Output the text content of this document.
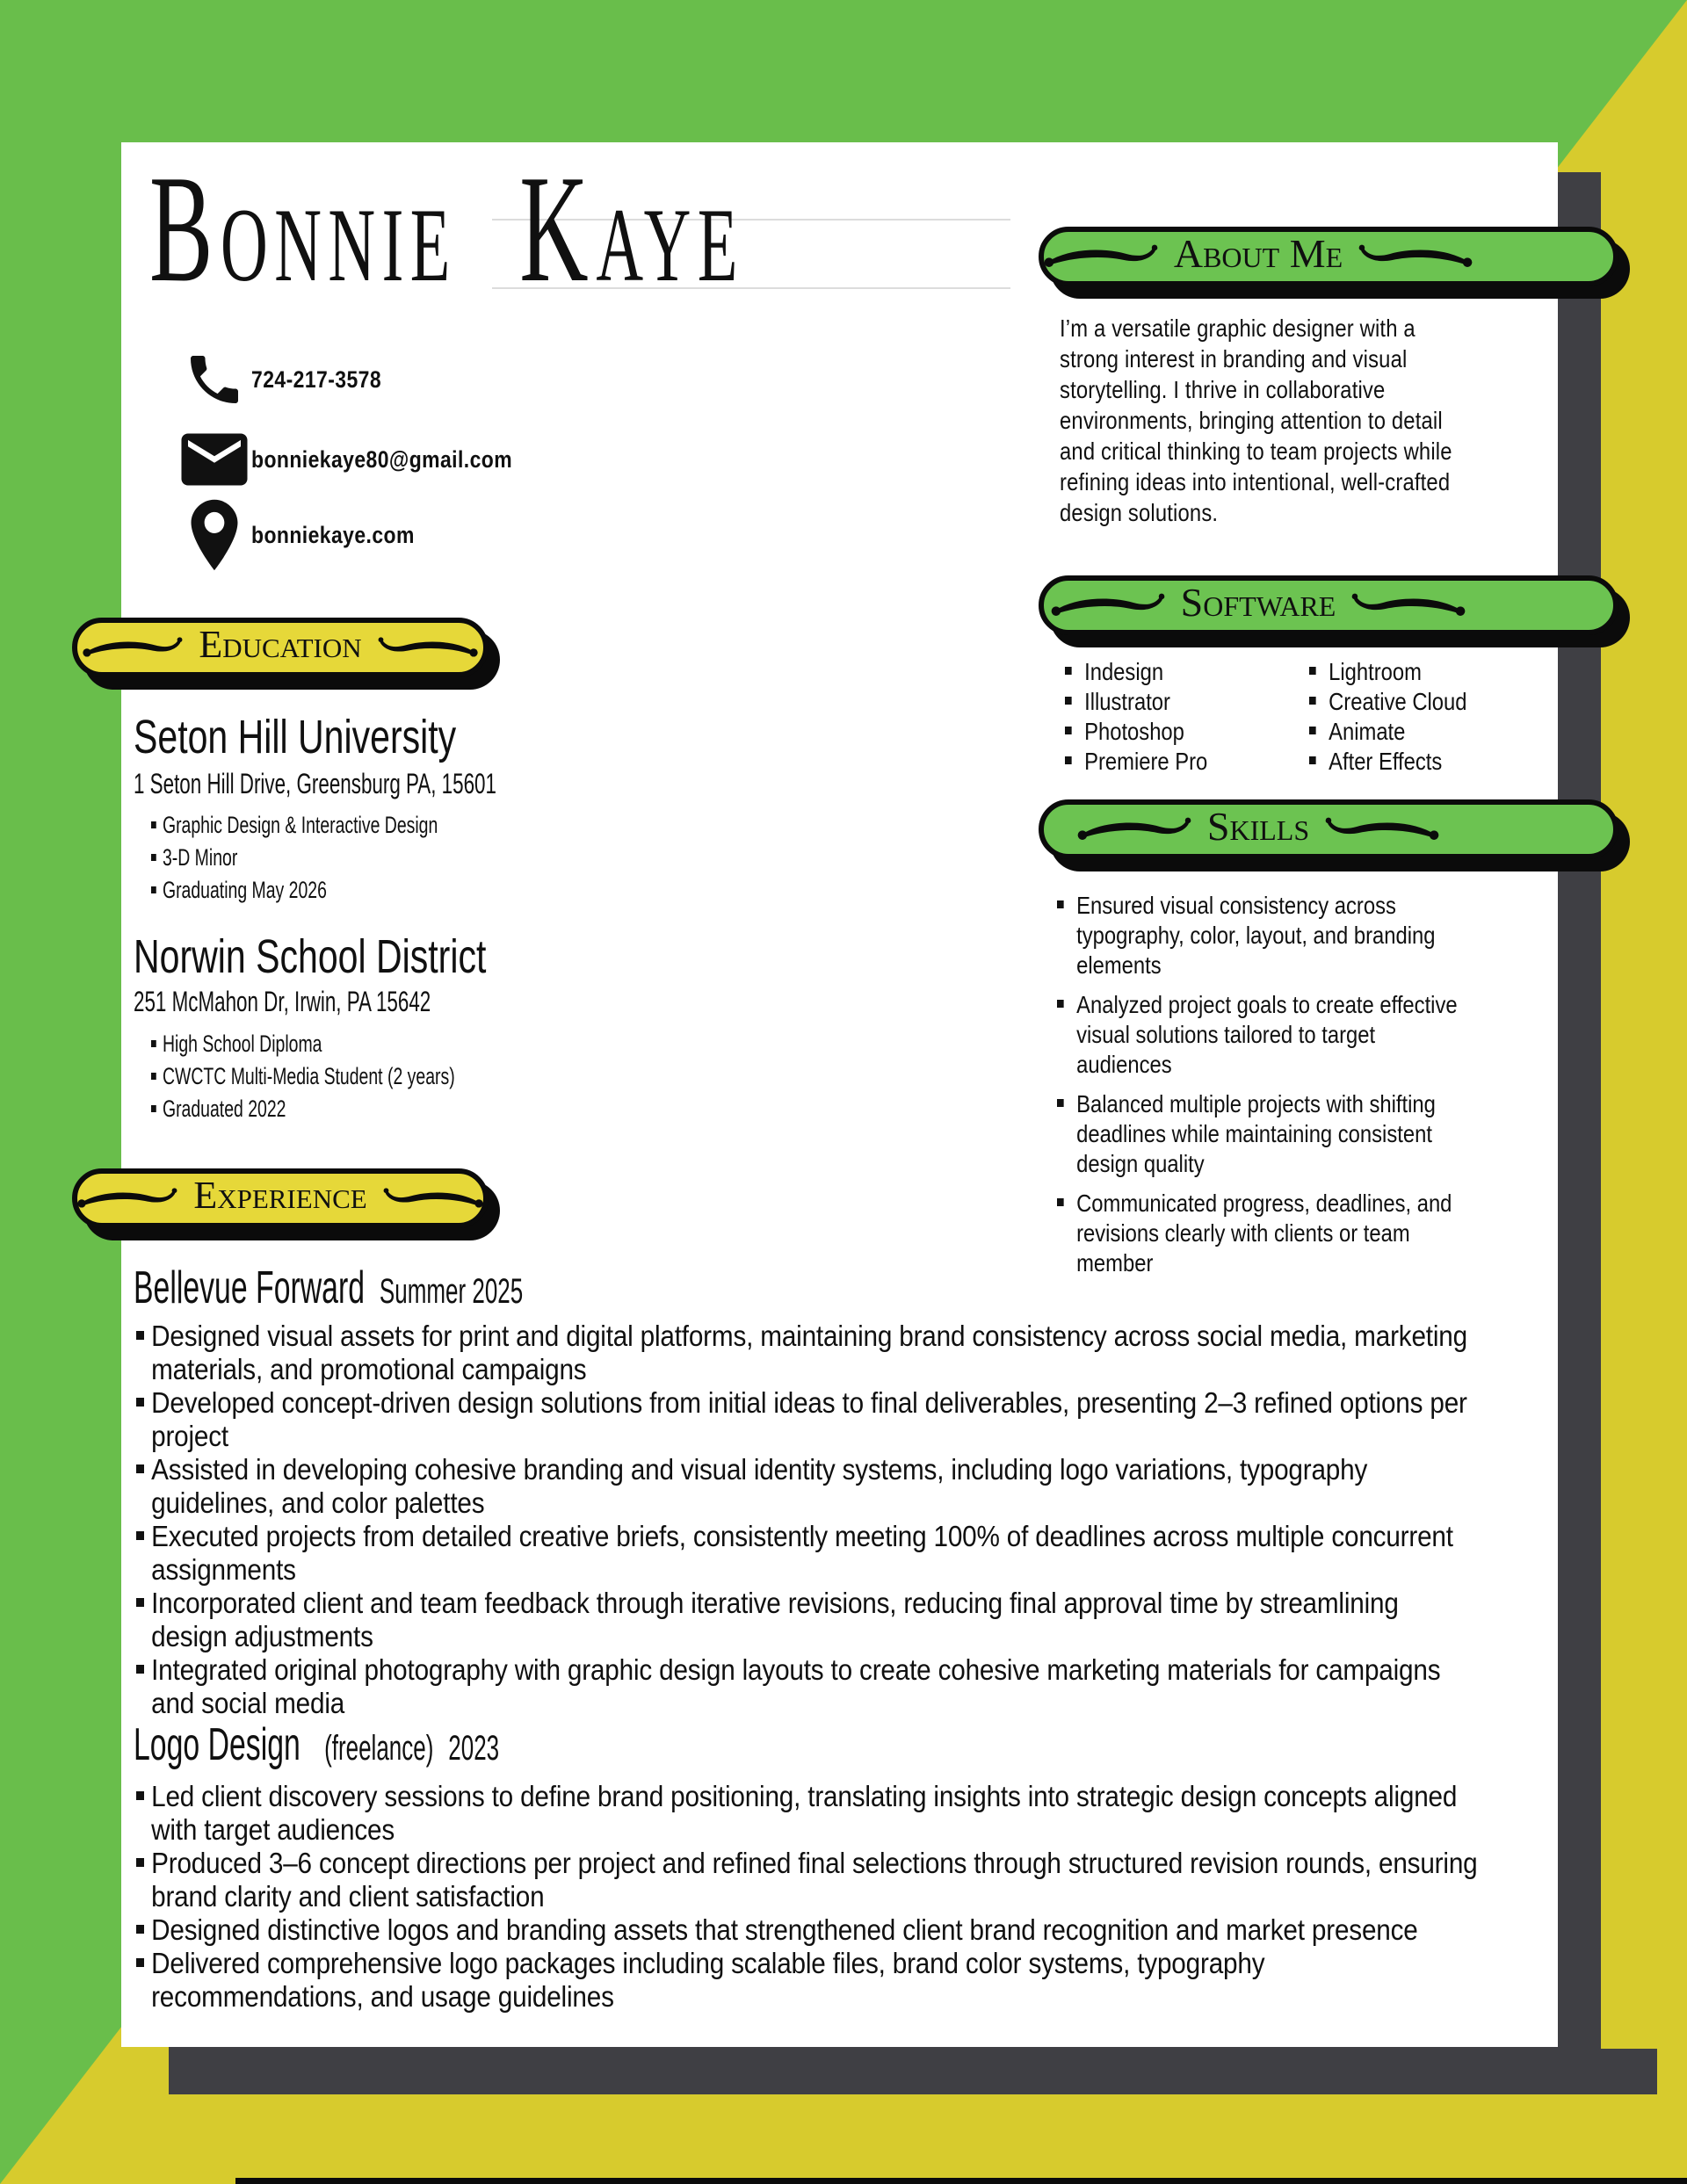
BONNIE KAYE
724-217-3578
bonniekaye80@gmail.com
bonniekaye.com
About Me
I’m a versatile graphic designer with a strong interest in branding and visual storytelling. I thrive in collaborative environments, bringing attention to detail and critical thinking to team projects while refining ideas into intentional, well-crafted design solutions.
Software
Indesign
Illustrator
Photoshop
Premiere Pro
Lightroom
Creative Cloud
Animate
After Effects
Skills
Ensured visual consistency across typography, color, layout, and branding elements
Analyzed project goals to create effective visual solutions tailored to target audiences
Balanced multiple projects with shifting deadlines while maintaining consistent design quality
Communicated progress, deadlines, and revisions clearly with clients or team member
Education
Seton Hill University
1 Seton Hill Drive, Greensburg PA, 15601
Graphic Design & Interactive Design
3-D Minor
Graduating May 2026
Norwin School District
251 McMahon Dr, Irwin, PA 15642
High School Diploma
CWCTC Multi-Media Student (2 years)
Graduated 2022
Experience
Bellevue Forward Summer 2025
Designed visual assets for print and digital platforms, maintaining brand consistency across social media, marketing materials, and promotional campaigns
Developed concept-driven design solutions from initial ideas to final deliverables, presenting 2–3 refined options per project
Assisted in developing cohesive branding and visual identity systems, including logo variations, typography guidelines, and color palettes
Executed projects from detailed creative briefs, consistently meeting 100% of deadlines across multiple concurrent assignments
Incorporated client and team feedback through iterative revisions, reducing final approval time by streamlining design adjustments
Integrated original photography with graphic design layouts to create cohesive marketing materials for campaigns and social media
Logo Design (freelance) 2023
Led client discovery sessions to define brand positioning, translating insights into strategic design concepts aligned with target audiences
Produced 3–6 concept directions per project and refined final selections through structured revision rounds, ensuring brand clarity and client satisfaction
Designed distinctive logos and branding assets that strengthened client brand recognition and market presence
Delivered comprehensive logo packages including scalable files, brand color systems, typography recommendations, and usage guidelines
